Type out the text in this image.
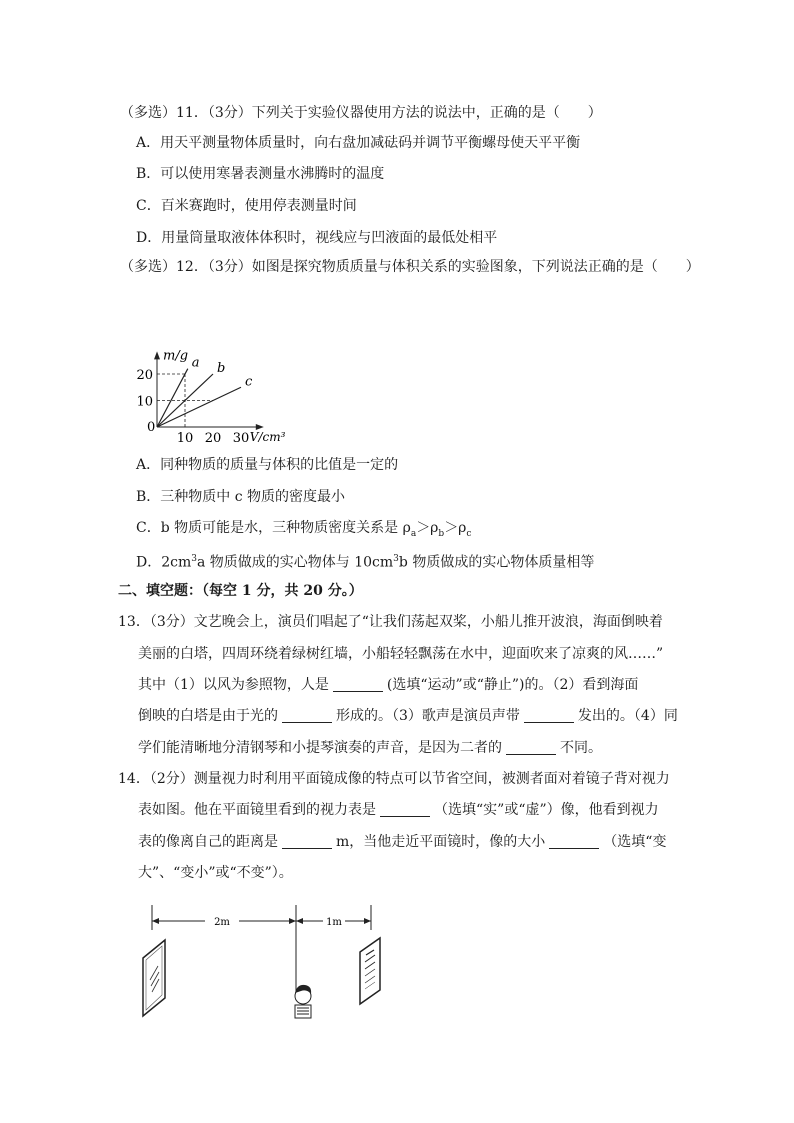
（多选）11．（3分）下列关于实验仪器使用方法的说法中，正确的是（　　）
A．用天平测量物体质量时，向右盘加减砝码并调节平衡螺母使天平平衡
B．可以使用寒暑表测量水沸腾时的温度
C．百米赛跑时，使用停表测量时间
D．用量筒量取液体体积时，视线应与凹液面的最低处相平
（多选）12．（3分）如图是探究物质质量与体积关系的实验图象，下列说法正确的是（　　）
m/g
V/cm³
0
10 20 30
10
20
a b
c
A．同种物质的质量与体积的比值是一定的
B．三种物质中 c 物质的密度最小
C．b 物质可能是水，三种物质密度关系是 $\rho_a>\rho_b>\rho_c$
D．$2cm^3a$ 物质做成的实心物体与 $10cm^3b$ 物质做成的实心物体质量相等
二、填空题：（每空 1 分，共 20 分。）
13．（3分）文艺晚会上，演员们唱起了“让我们荡起双桨，小船儿推开波浪，海面倒映着
美丽的白塔，四周环绕着绿树红墙，小船轻轻飘荡在水中，迎面吹来了凉爽的风……”
其中（1）以风为参照物，人是	(选填“运动”或“静止”)的。（2）看到海面
倒映的白塔是由于光的	形成的。（3）歌声是演员声带	发出的。（4）同
学们能清晰地分清钢琴和小提琴演奏的声音，是因为二者的	不同。
14．（2分）测量视力时利用平面镜成像的特点可以节省空间，被测者面对着镜子背对视力
表如图。他在平面镜里看到的视力表是	（选填“实”或“虚”）像，他看到视力
表的像离自己的距离是	m，当他走近平面镜时，像的大小	（选填“变
大”、“变小”或“不变”）。
2m	1m
